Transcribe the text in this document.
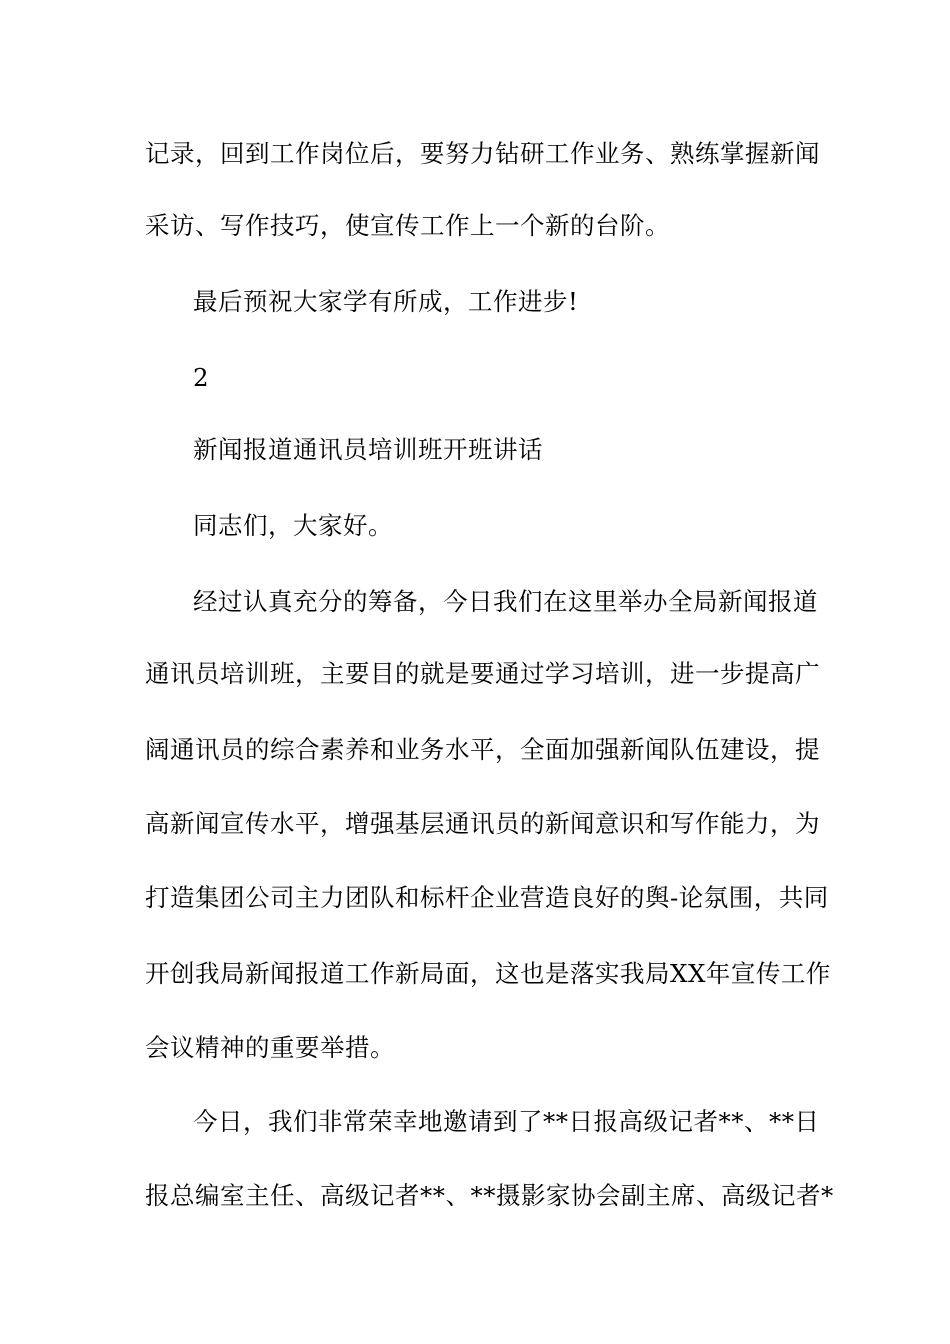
记录，回到工作岗位后，要努力钻研工作业务、熟练掌握新闻
采访、写作技巧，使宣传工作上一个新的台阶。
最后预祝大家学有所成，工作进步!
2
新闻报道通讯员培训班开班讲话
同志们，大家好。
经过认真充分的筹备，今日我们在这里举办全局新闻报道
通讯员培训班，主要目的就是要通过学习培训，进一步提高广
阔通讯员的综合素养和业务水平，全面加强新闻队伍建设，提
高新闻宣传水平，增强基层通讯员的新闻意识和写作能力，为
打造集团公司主力团队和标杆企业营造良好的舆-论氛围，共同
开创我局新闻报道工作新局面，这也是落实我局XX年宣传工作
会议精神的重要举措。
今日，我们非常荣幸地邀请到了**日报高级记者**、**日
报总编室主任、高级记者**、**摄影家协会副主席、高级记者*
